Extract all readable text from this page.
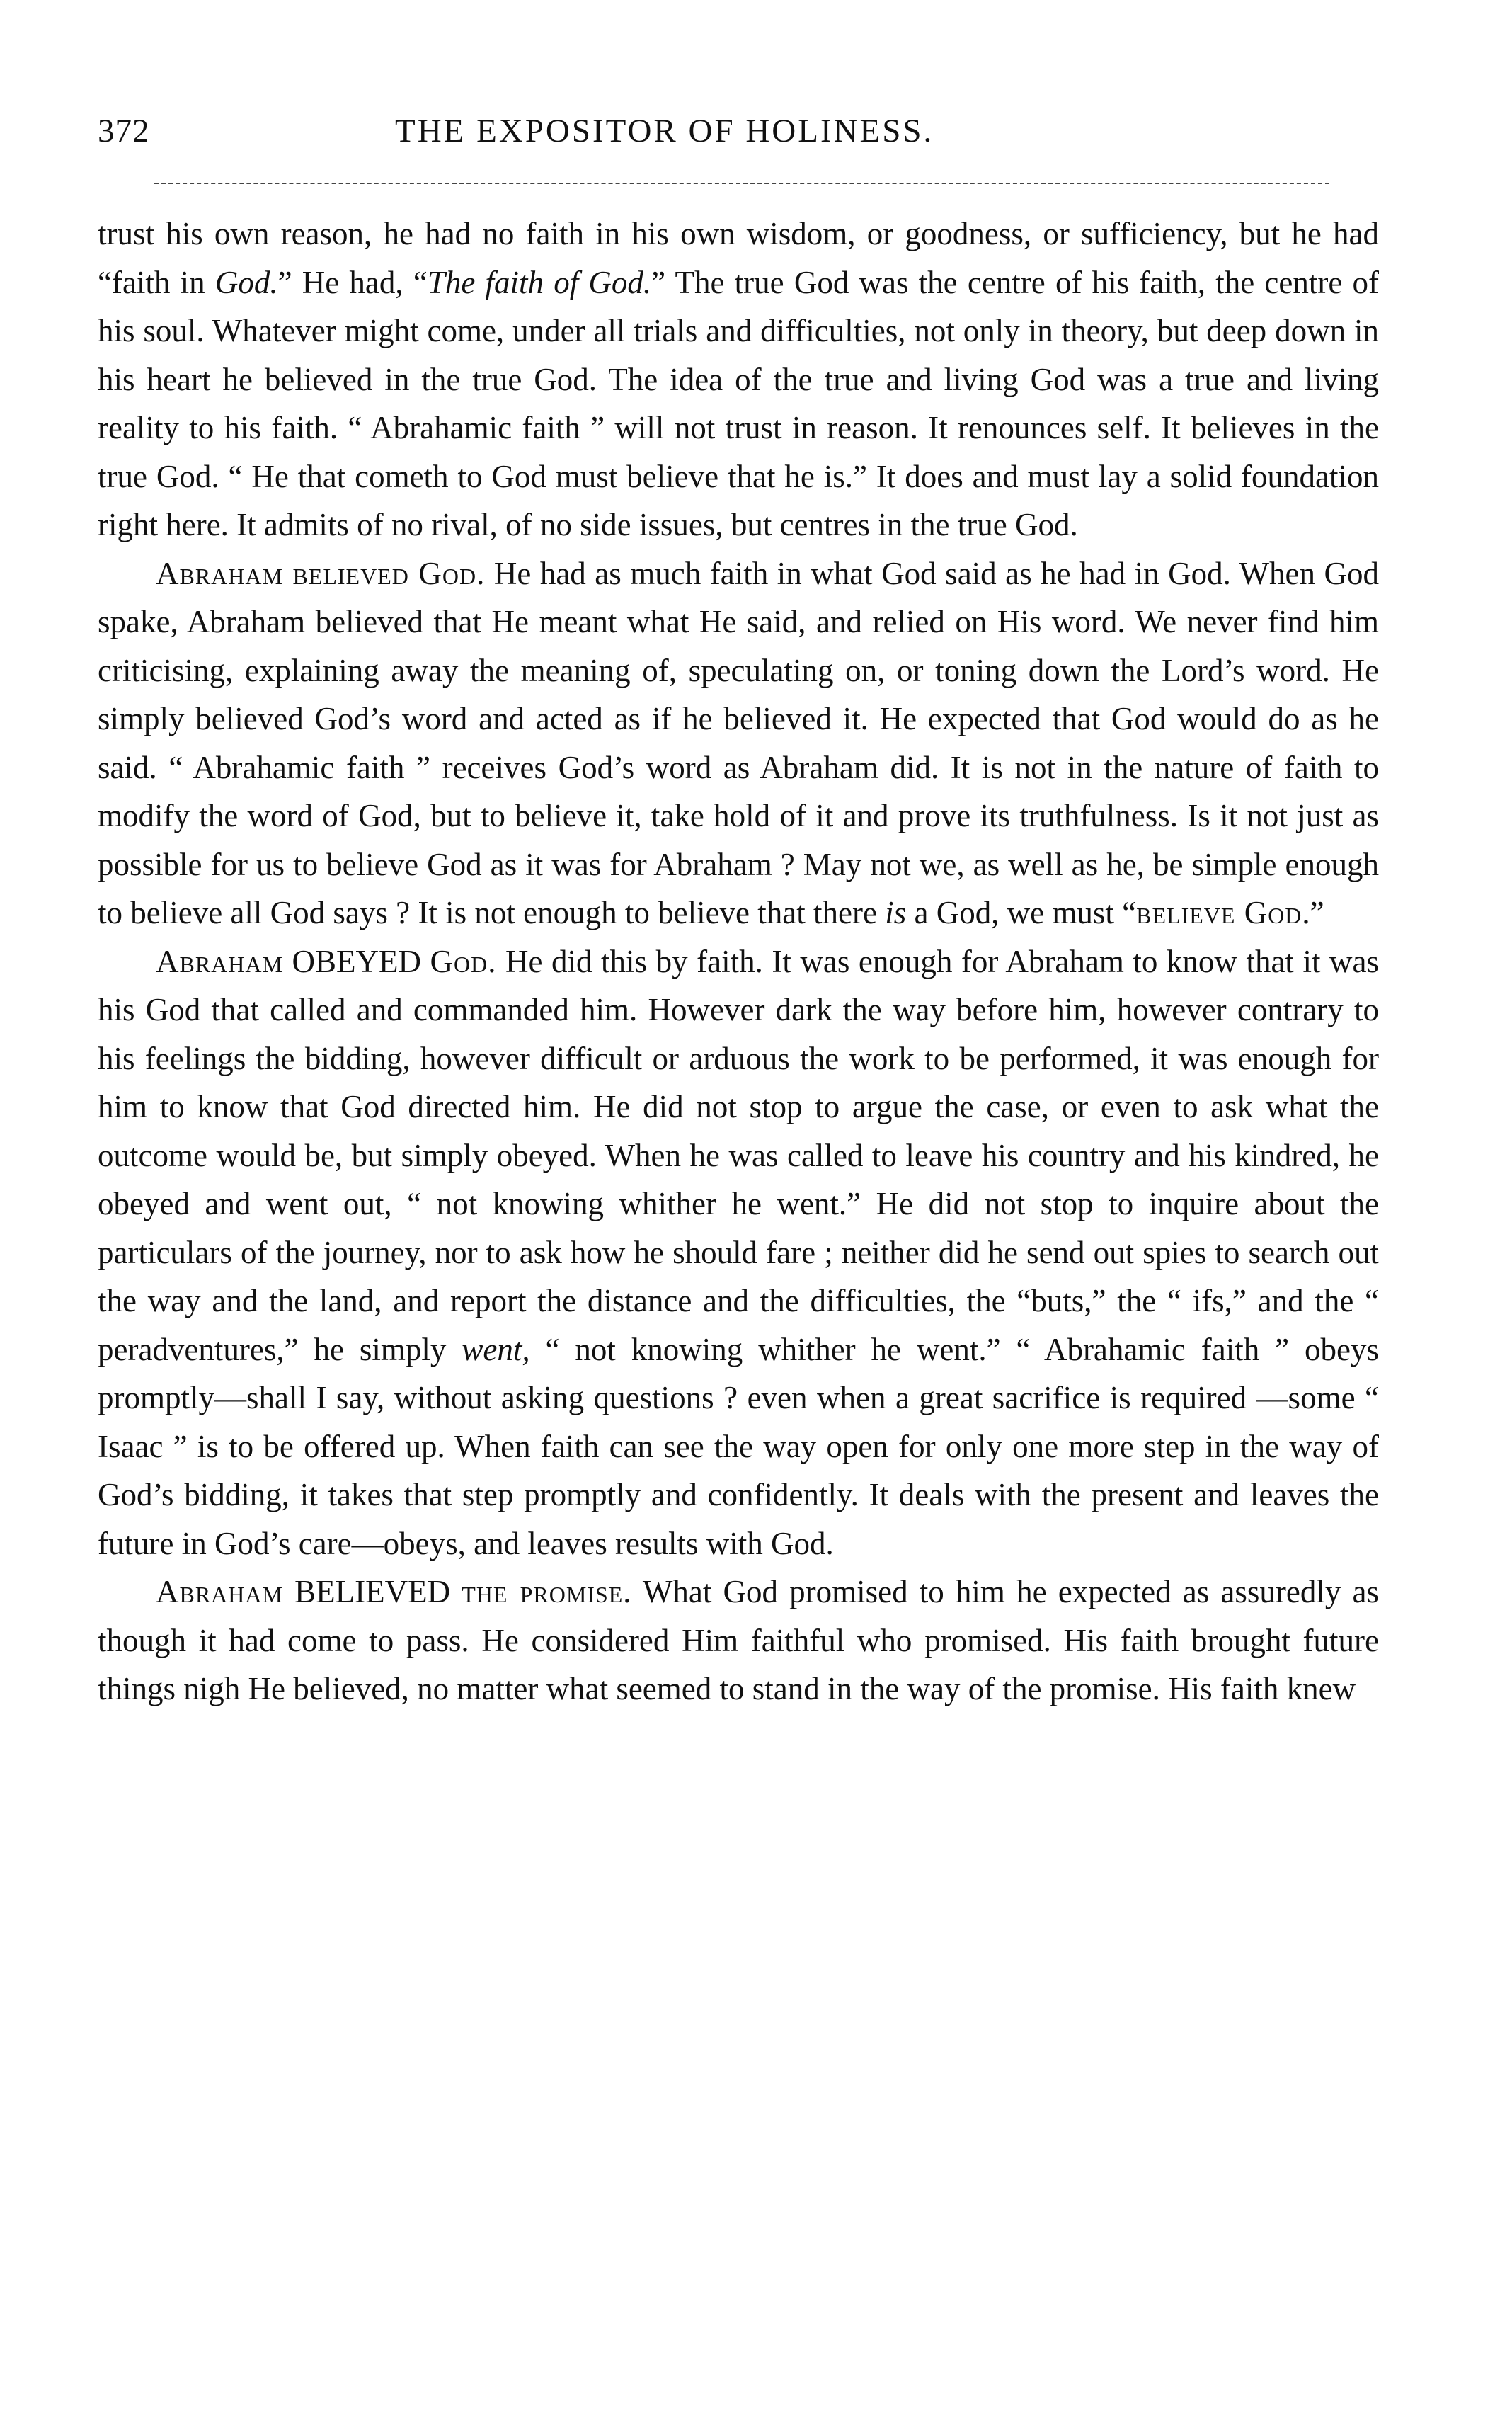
372	THE EXPOSITOR OF HOLINESS.

trust his own reason, he had no faith in his own wisdom, or goodness, or sufficiency, but he had “faith in God.” He had, “The faith of God.” The true God was the centre of his faith, the centre of his soul. Whatever might come, under all trials and difficulties, not only in theory, but deep down in his heart he believed in the true God. The idea of the true and living God was a true and living reality to his faith. “ Abrahamic faith ” will not trust in reason. It renounces self. It believes in the true God. “ He that cometh to God must believe that he is.” It does and must lay a solid foundation right here. It admits of no rival, of no side issues, but centres in the true God.

Abraham believed God. He had as much faith in what God said as he had in God. When God spake, Abraham believed that He meant what He said, and relied on His word. We never find him criticising, explaining away the meaning of, speculating on, or toning down the Lord’s word. He simply believed God’s word and acted as if he believed it. He expected that God would do as he said. “ Abrahamic faith ” receives God’s word as Abraham did. It is not in the nature of faith to modify the word of God, but to believe it, take hold of it and prove its truthfulness. Is it not just as possible for us to believe God as it was for Abraham ? May not we, as well as he, be simple enough to believe all God says ? It is not enough to believe that there is a God, we must “believe God.”

Abraham OBEYED God. He did this by faith. It was enough for Abraham to know that it was his God that called and commanded him. However dark the way before him, however contrary to his feelings the bidding, however difficult or arduous the work to be performed, it was enough for him to know that God directed him. He did not stop to argue the case, or even to ask what the outcome would be, but simply obeyed. When he was called to leave his country and his kindred, he obeyed and went out, “ not knowing whither he went.” He did not stop to inquire about the particulars of the journey, nor to ask how he should fare ; neither did he send out spies to search out the way and the land, and report the distance and the difficulties, the “buts,” the “ ifs,” and the “ peradventures,” he simply went, “ not knowing whither he went.” “ Abrahamic faith ” obeys promptly—shall I say, without asking questions ? even when a great sacrifice is required —some “ Isaac ” is to be offered up. When faith can see the way open for only one more step in the way of God’s bidding, it takes that step promptly and confidently. It deals with the present and leaves the future in God’s care—obeys, and leaves results with God.

Abraham BELIEVED the promise. What God promised to him he expected as assuredly as though it had come to pass. He considered Him faithful who promised. His faith brought future things nigh He believed, no matter what seemed to stand in the way of the promise. His faith knew
